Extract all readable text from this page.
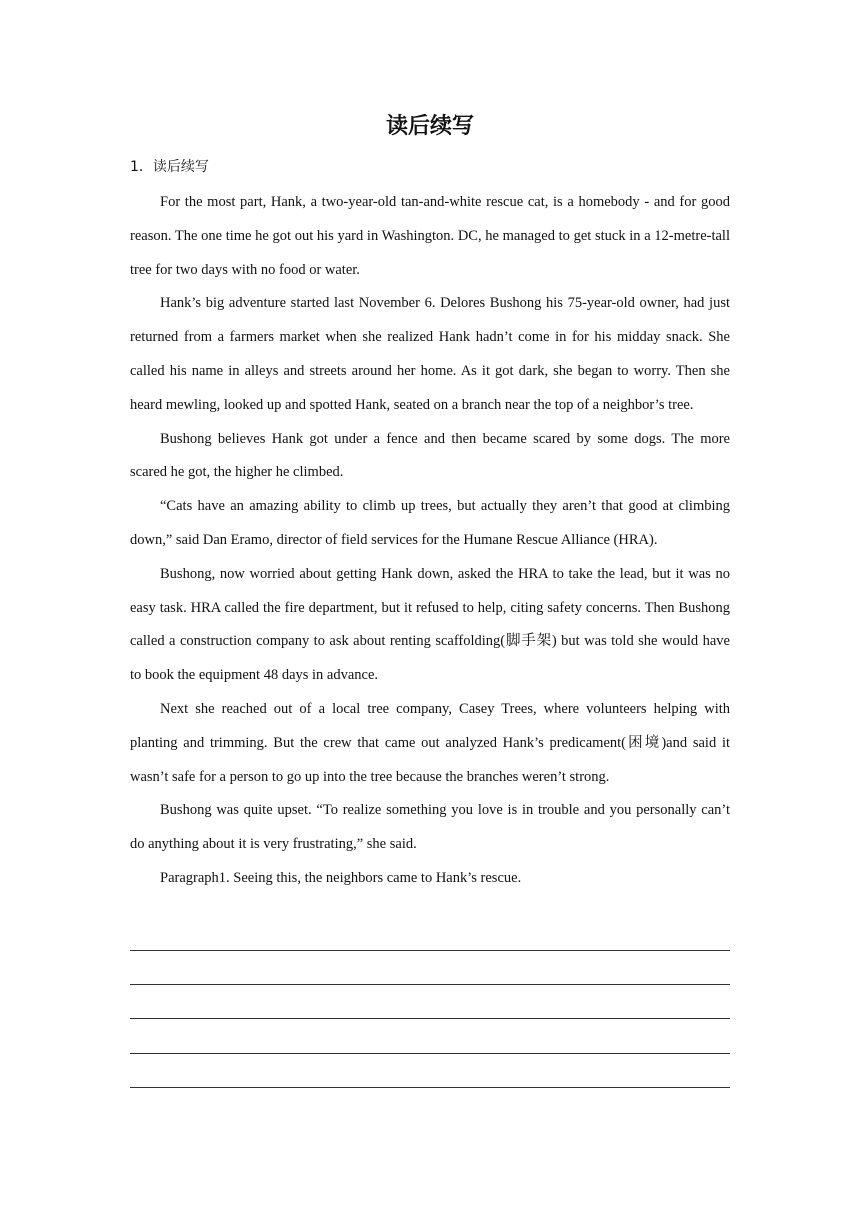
读后续写
1．读后续写

For the most part, Hank, a two-year-old tan-and-white rescue cat, is a homebody - and for good reason. The one time he got out his yard in Washington. DC, he managed to get stuck in a 12-metre-tall tree for two days with no food or water.

Hank’s big adventure started last November 6. Delores Bushong his 75-year-old owner, had just returned from a farmers market when she realized Hank hadn’t come in for his midday snack. She called his name in alleys and streets around her home. As it got dark, she began to worry. Then she heard mewling, looked up and spotted Hank, seated on a branch near the top of a neighbor’s tree.

Bushong believes Hank got under a fence and then became scared by some dogs. The more scared he got, the higher he climbed.

“Cats have an amazing ability to climb up trees, but actually they aren’t that good at climbing down,” said Dan Eramo, director of field services for the Humane Rescue Alliance (HRA).

Bushong, now worried about getting Hank down, asked the HRA to take the lead, but it was no easy task. HRA called the fire department, but it refused to help, citing safety concerns. Then Bushong called a construction company to ask about renting scaffolding(脚手架) but was told she would have to book the equipment 48 days in advance.

Next she reached out of a local tree company, Casey Trees, where volunteers helping with planting and trimming. But the crew that came out analyzed Hank’s predicament(困境)and said it wasn’t safe for a person to go up into the tree because the branches weren’t strong.

Bushong was quite upset. “To realize something you love is in trouble and you personally can’t do anything about it is very frustrating,” she said.

Paragraph1. Seeing this, the neighbors came to Hank’s rescue.
